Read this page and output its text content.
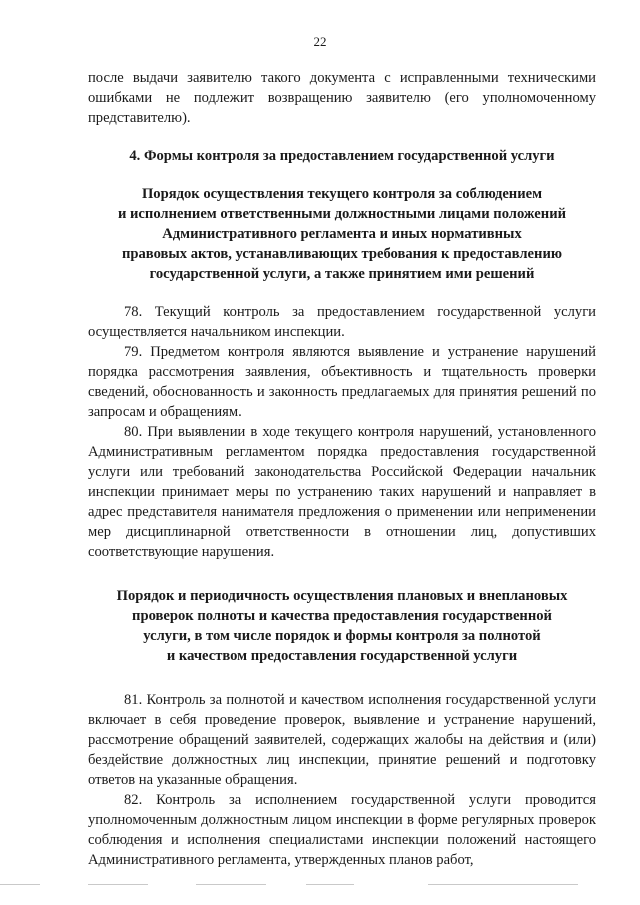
22

после выдачи заявителю такого документа с исправленными техническими ошибками не подлежит возвращению заявителю (его уполномоченному представителю).

4. Формы контроля за предоставлением государственной услуги

Порядок осуществления текущего контроля за соблюдением
и исполнением ответственными должностными лицами положений
Административного регламента и иных нормативных
правовых актов, устанавливающих требования к предоставлению
государственной услуги, а также принятием ими решений

78. Текущий контроль за предоставлением государственной услуги осуществляется начальником инспекции.

79. Предметом контроля являются выявление и устранение нарушений порядка рассмотрения заявления, объективность и тщательность проверки сведений, обоснованность и законность предлагаемых для принятия решений по запросам и обращениям.

80. При выявлении в ходе текущего контроля нарушений, установленного Административным регламентом порядка предоставления государственной услуги или требований законодательства Российской Федерации начальник инспекции принимает меры по устранению таких нарушений и направляет в адрес представителя нанимателя предложения о применении или неприменении мер дисциплинарной ответственности в отношении лиц, допустивших соответствующие нарушения.

Порядок и периодичность осуществления плановых и внеплановых
проверок полноты и качества предоставления государственной
услуги, в том числе порядок и формы контроля за полнотой
и качеством предоставления государственной услуги

81. Контроль за полнотой и качеством исполнения государственной услуги включает в себя проведение проверок, выявление и устранение нарушений, рассмотрение обращений заявителей, содержащих жалобы на действия и (или) бездействие должностных лиц инспекции, принятие решений и подготовку ответов на указанные обращения.

82. Контроль за исполнением государственной услуги проводится уполномоченным должностным лицом инспекции в форме регулярных проверок соблюдения и исполнения специалистами инспекции положений настоящего Административного регламента, утвержденных планов работ,
